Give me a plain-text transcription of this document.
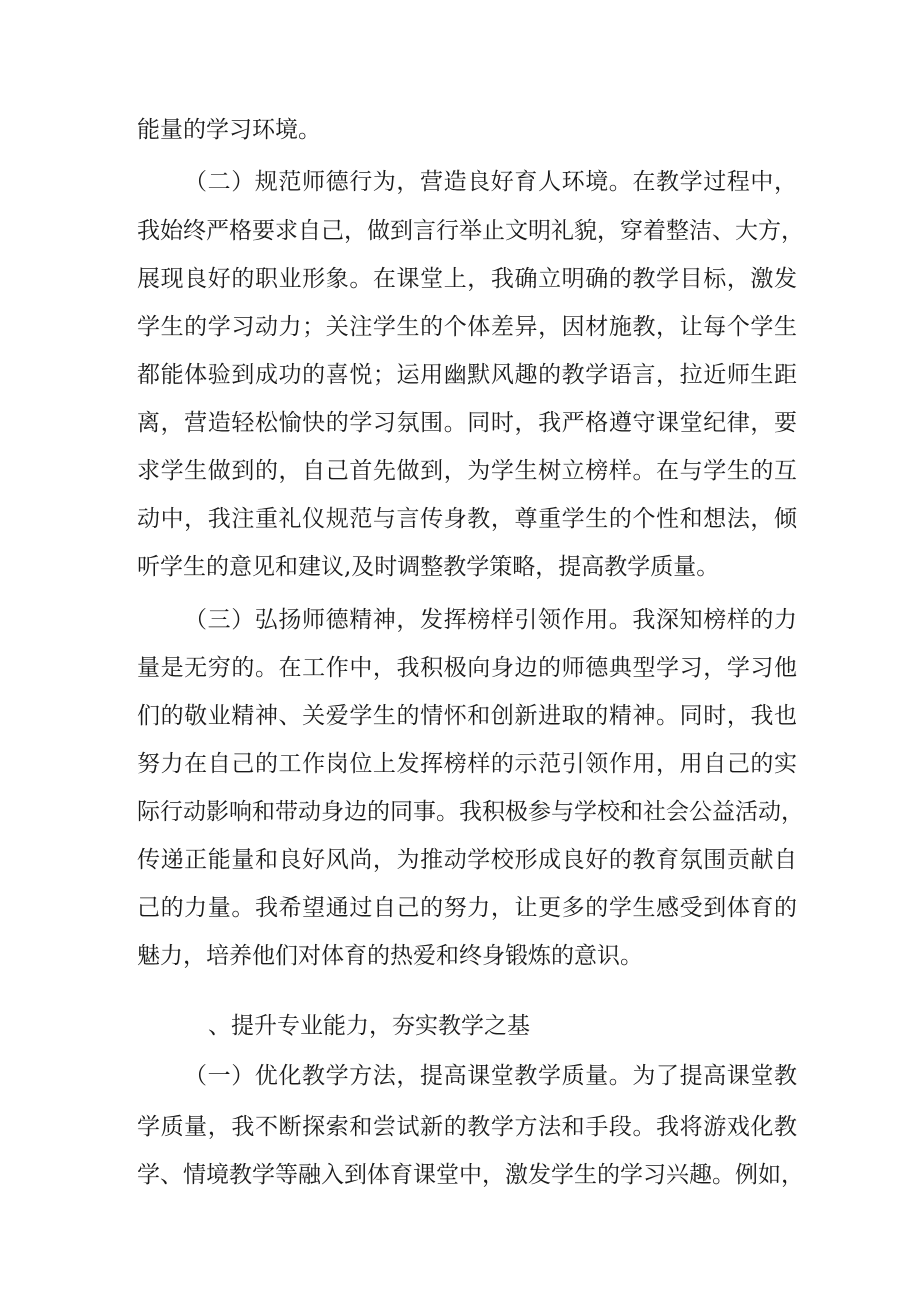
能量的学习环境。
（二）规范师德行为，营造良好育人环境。在教学过程中，
我始终严格要求自己，做到言行举止文明礼貌，穿着整洁、大方，
展现良好的职业形象。在课堂上，我确立明确的教学目标，激发
学生的学习动力；关注学生的个体差异，因材施教，让每个学生
都能体验到成功的喜悦；运用幽默风趣的教学语言，拉近师生距
离，营造轻松愉快的学习氛围。同时，我严格遵守课堂纪律，要
求学生做到的，自己首先做到，为学生树立榜样。在与学生的互
动中，我注重礼仪规范与言传身教，尊重学生的个性和想法，倾
听学生的意见和建议,及时调整教学策略，提高教学质量。
（三）弘扬师德精神，发挥榜样引领作用。我深知榜样的力
量是无穷的。在工作中，我积极向身边的师德典型学习，学习他
们的敬业精神、关爱学生的情怀和创新进取的精神。同时，我也
努力在自己的工作岗位上发挥榜样的示范引领作用，用自己的实
际行动影响和带动身边的同事。我积极参与学校和社会公益活动，
传递正能量和良好风尚，为推动学校形成良好的教育氛围贡献自
己的力量。我希望通过自己的努力，让更多的学生感受到体育的
魅力，培养他们对体育的热爱和终身锻炼的意识。
、提升专业能力，夯实教学之基
（一）优化教学方法，提高课堂教学质量。为了提高课堂教
学质量，我不断探索和尝试新的教学方法和手段。我将游戏化教
学、情境教学等融入到体育课堂中，激发学生的学习兴趣。例如，
